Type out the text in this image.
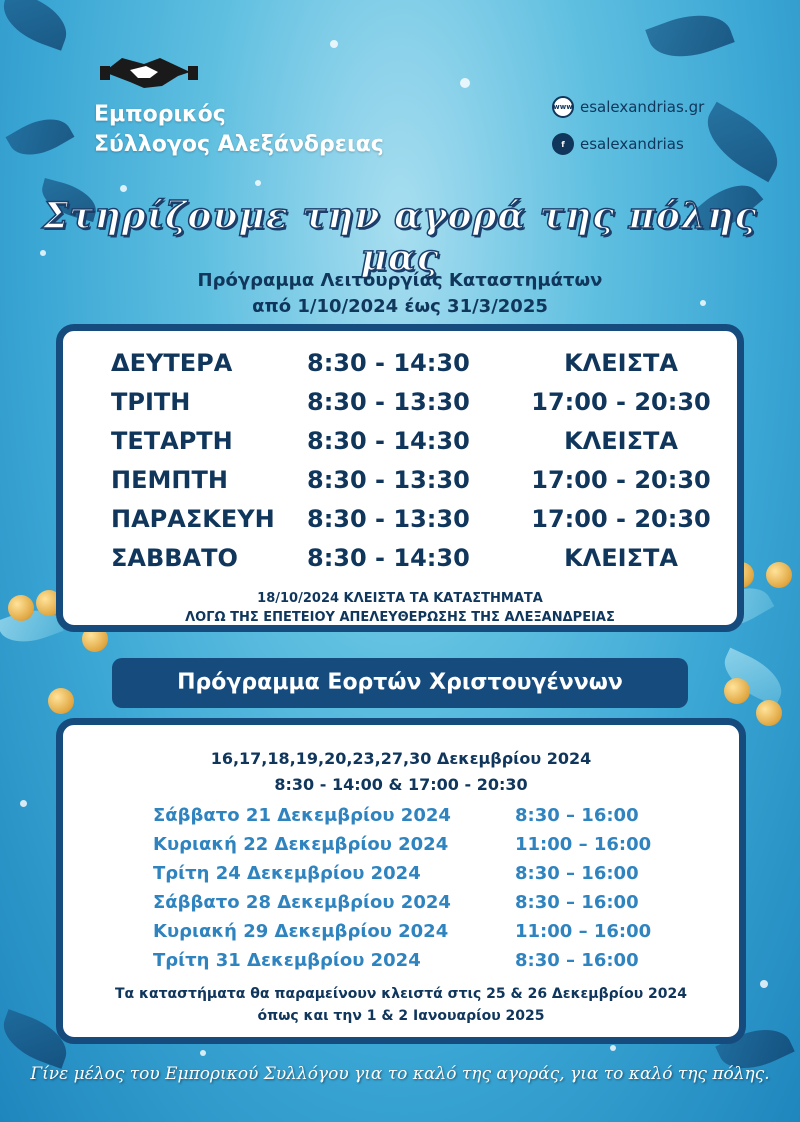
Εμπορικός
Σύλλογος Αλεξάνδρειας
www esalexandrias.gr
f	esalexandrias
Στηρίζουμε την αγορά της πόλης μας
Πρόγραμμα Λειτουργίας Καταστημάτων
από 1/10/2024 έως 31/3/2025
ΔΕΥΤΕΡΑ	8:30 - 14:30	ΚΛΕΙΣΤΑ
ΤΡΙΤΗ	8:30 - 13:30	17:00 - 20:30
ΤΕΤΑΡΤΗ	8:30 - 14:30	ΚΛΕΙΣΤΑ
ΠΕΜΠΤΗ	8:30 - 13:30	17:00 - 20:30
ΠΑΡΑΣΚΕΥΗ 8:30 - 13:30	17:00 - 20:30
ΣΑΒΒΑΤΟ	8:30 - 14:30	ΚΛΕΙΣΤΑ
18/10/2024 ΚΛΕΙΣΤΑ ΤΑ ΚΑΤΑΣΤΗΜΑΤΑ
ΛΟΓΩ ΤΗΣ ΕΠΕΤΕΙΟΥ ΑΠΕΛΕΥΘΕΡΩΣΗΣ ΤΗΣ ΑΛΕΞΑΝΔΡΕΙΑΣ
Πρόγραμμα Εορτών Χριστουγέννων
16,17,18,19,20,23,27,30 Δεκεμβρίου 2024
8:30 - 14:00 & 17:00 - 20:30
Σάββατο 21 Δεκεμβρίου 2024	8:30 – 16:00
Κυριακή 22 Δεκεμβρίου 2024	11:00 – 16:00
Τρίτη 24 Δεκεμβρίου 2024	8:30 – 16:00
Σάββατο 28 Δεκεμβρίου 2024	8:30 – 16:00
Κυριακή 29 Δεκεμβρίου 2024	11:00 – 16:00
Τρίτη 31 Δεκεμβρίου 2024	8:30 – 16:00
Τα καταστήματα θα παραμείνουν κλειστά στις 25 & 26 Δεκεμβρίου 2024
όπως και την 1 & 2 Ιανουαρίου 2025
Γίνε μέλος του Εμπορικού Συλλόγου για το καλό της αγοράς, για το καλό της πόλης.
